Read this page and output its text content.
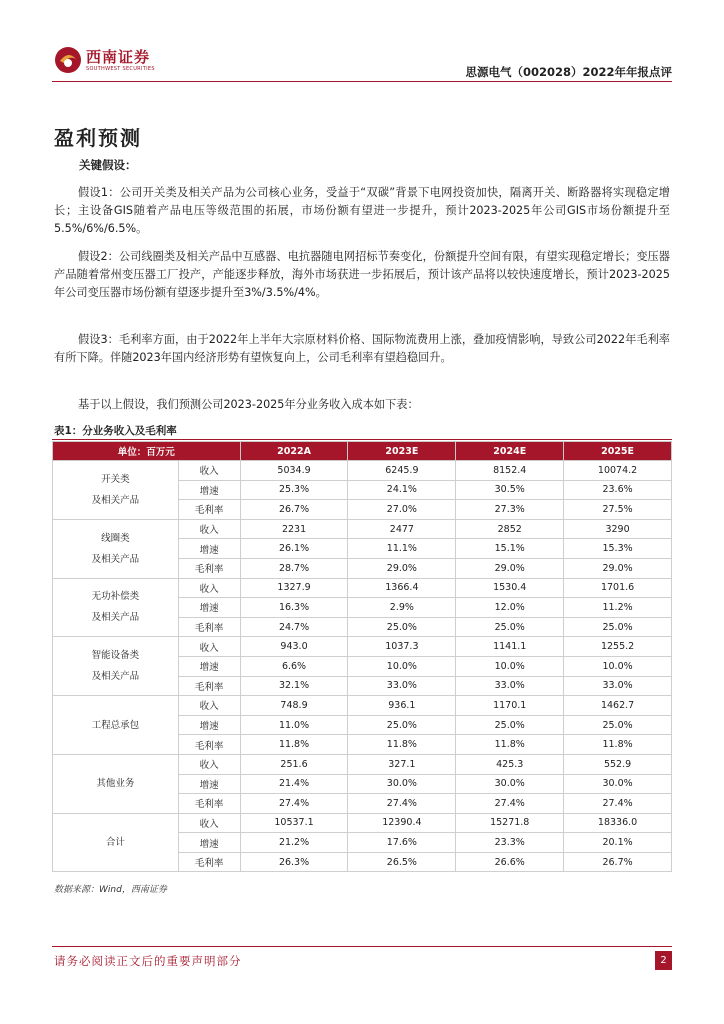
西南证券
SOUTHWEST SECURITIES	思源电气（002028）2022年年报点评
盈利预测
关键假设：

假设1：公司开关类及相关产品为公司核心业务，受益于“双碳”背景下电网投资加快，隔离开关、断路器将实现稳定增长；主设备GIS随着产品电压等级范围的拓展，市场份额有望进一步提升，预计2023-2025年公司GIS市场份额提升至5.5%/6%/6.5%。

假设2：公司线圈类及相关产品中互感器、电抗器随电网招标节奏变化，份额提升空间有限，有望实现稳定增长；变压器产品随着常州变压器工厂投产，产能逐步释放，海外市场获进一步拓展后，预计该产品将以较快速度增长，预计2023-2025年公司变压器市场份额有望逐步提升至3%/3.5%/4%。

假设3：毛利率方面，由于2022年上半年大宗原材料价格、国际物流费用上涨，叠加疫情影响，导致公司2022年毛利率有所下降。伴随2023年国内经济形势有望恢复向上，公司毛利率有望趋稳回升。

基于以上假设，我们预测公司2023-2025年分业务收入成本如下表：

表1：分业务收入及毛利率
单位：百万元		2022A	2023E	2024E	2025E

开关类
及相关产品	收入	5034.9	6245.9	8152.4	10074.2
	增速	25.3%	24.1%	30.5%	23.6%
	毛利率	26.7%	27.0%	27.3%	27.5%

线圈类
及相关产品	收入	2231	2477	2852	3290
	增速	26.1%	11.1%	15.1%	15.3%
	毛利率	28.7%	29.0%	29.0%	29.0%

无功补偿类
及相关产品	收入	1327.9	1366.4	1530.4	1701.6
	增速	16.3%	2.9%	12.0%	11.2%
	毛利率	24.7%	25.0%	25.0%	25.0%

智能设备类
及相关产品	收入	943.0	1037.3	1141.1	1255.2
	增速	6.6%	10.0%	10.0%	10.0%
	毛利率	32.1%	33.0%	33.0%	33.0%

工程总承包	收入	748.9	936.1	1170.1	1462.7
	增速	11.0%	25.0%	25.0%	25.0%
	毛利率	11.8%	11.8%	11.8%	11.8%

其他业务	收入	251.6	327.1	425.3	552.9
	增速	21.4%	30.0%	30.0%	30.0%
	毛利率	27.4%	27.4%	27.4%	27.4%

合计	收入	10537.1	12390.4	15271.8	18336.0
	增速	21.2%	17.6%	23.3%	20.1%
	毛利率	26.3%	26.5%	26.6%	26.7%
数据来源：Wind，西南证券
请务必阅读正文后的重要声明部分	2
